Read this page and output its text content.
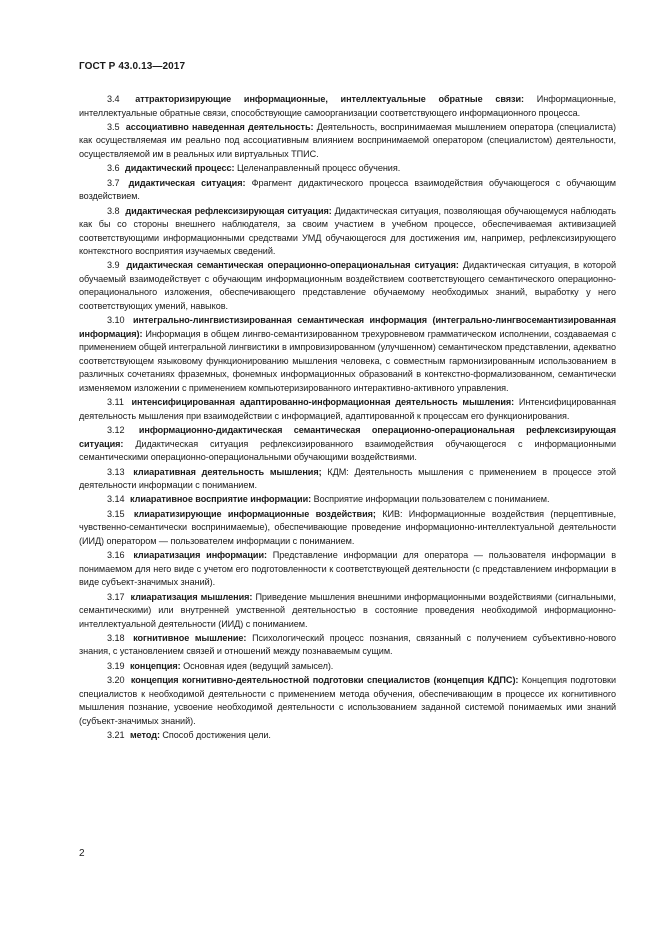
ГОСТ Р 43.0.13—2017

3.4 аттракторизирующие информационные, интеллектуальные обратные связи: Информационные, интеллектуальные обратные связи, способствующие самоорганизации соответствующего информационного процесса.

3.5 ассоциативно наведенная деятельность: Деятельность, воспринимаемая мышлением оператора (специалиста) как осуществляемая им реально под ассоциативным влиянием воспринимаемой оператором (специалистом) деятельности, осуществляемой им в реальных или виртуальных ТПИС.

3.6 дидактический процесс: Целенаправленный процесс обучения.

3.7 дидактическая ситуация: Фрагмент дидактического процесса взаимодействия обучающегося с обучающим воздействием.

3.8 дидактическая рефлексизирующая ситуация: Дидактическая ситуация, позволяющая обучающемуся наблюдать как бы со стороны внешнего наблюдателя, за своим участием в учебном процессе, обеспечиваемая активизацией соответствующими информационными средствами УМД обучающегося для достижения им, например, рефлексизирующего контекстного восприятия изучаемых сведений.

3.9 дидактическая семантическая операционно-операциональная ситуация: Дидактическая ситуация, в которой обучаемый взаимодействует с обучающим информационным воздействием соответствующего семантического операционно-операционального изложения, обеспечивающего представление обучаемому необходимых знаний, выработку у него соответствующих умений, навыков.

3.10 интегрально-лингвистизированная семантическая информация (интегрально-лингвосемантизированная информация): Информация в общем лингво-семантизированном трехуровневом грамматическом исполнении, создаваемая с применением общей интегральной лингвистики в импровизированном (улучшенном) семантическом представлении, адекватно соответствующем языковому функционированию мышления человека, с совместным гармонизированным использованием в различных сочетаниях фраземных, фонемных информационных образований в контекстно-формализованном, семантически изменяемом изложении с применением компьютеризированного интерактивно-активного управления.

3.11 интенсифицированная адаптированно-информационная деятельность мышления: Интенсифицированная деятельность мышления при взаимодействии с информацией, адаптированной к процессам его функционирования.

3.12 информационно-дидактическая семантическая операционно-операциональная рефлексизирующая ситуация: Дидактическая ситуация рефлексизированного взаимодействия обучающегося с информационными семантическими операционно-операциональными обучающими воздействиями.

3.13 клиаративная деятельность мышления; КДМ: Деятельность мышления с применением в процессе этой деятельности информации с пониманием.

3.14 клиаративное восприятие информации: Восприятие информации пользователем с пониманием.

3.15 клиаратизирующие информационные воздействия; КИВ: Информационные воздействия (перцептивные, чувственно-семантически воспринимаемые), обеспечивающие проведение информационно-интеллектуальной деятельности (ИИД) оператором — пользователем информации с пониманием.

3.16 клиаратизация информации: Представление информации для оператора — пользователя информации в понимаемом для него виде с учетом его подготовленности к соответствующей деятельности (с представлением информации в виде субъект-значимых знаний).

3.17 клиаратизация мышления: Приведение мышления внешними информационными воздействиями (сигнальными, семантическими) или внутренней умственной деятельностью в состояние проведения необходимой информационно-интеллектуальной деятельности (ИИД) с пониманием.

3.18 когнитивное мышление: Психологический процесс познания, связанный с получением субъективно-нового знания, с установлением связей и отношений между познаваемым сущим.

3.19 концепция: Основная идея (ведущий замысел).

3.20 концепция когнитивно-деятельностной подготовки специалистов (концепция КДПС): Концепция подготовки специалистов к необходимой деятельности с применением метода обучения, обеспечивающим в процессе их когнитивного мышления познание, усвоение необходимой деятельности с использованием заданной системой понимаемых ими знаний (субъект-значимых знаний).

3.21 метод: Способ достижения цели.

2
